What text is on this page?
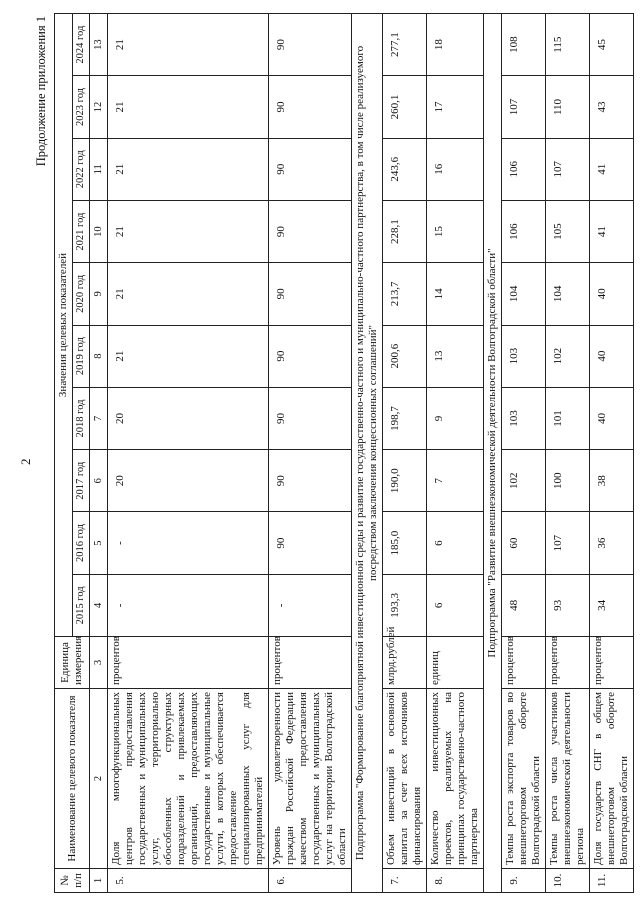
2
Продолжение приложения 1
№ п/п	Наименование целевого показателя	Единица измерения	Значения целевых показателей									
			2015 год	2016 год	2017 год	2018 год	2019 год	2020 год	2021 год	2022 год	2023 год	2024 год
1	2	3	4	5	6	7	8	9	10	11	12	13
5.	Доля многофункциональных центров предоставления государственных и муниципальных услуг, территориально обособленных структурных подразделений и привлекаемых организаций, предоставляющих государственные и муниципальные услуги, в которых обеспечивается предоставление специализированных услуг для предпринимателей	процентов	-	-	20	20	21	21	21	21	21	21
6.	Уровень удовлетворенности граждан Российской Федерации качеством предоставления государственных и муниципальных услуг на территории Волгоградской области	процентов	-	90	90	90	90	90	90	90	90	90
Подпрограмма "Формирование благоприятной инвестиционной среды и развитие государственно-частного и муниципально-частного партнерства, в том числе реализуемого посредством заключения концессионных соглашений"												
7.	Объем инвестиций в основной капитал за счет всех источников финансирования	млрд.рублей	193,3	185,0	190,0	198,7	200,6	213,7	228,1	243,6	260,1	277,1
8.	Количество инвестиционных проектов, реализуемых на принципах государственно-частного партнерства	единиц	6	6	7	9	13	14	15	16	17	18
Подпрограмма "Развитие внешнеэкономической деятельности Волгоградской области"												
9.	Темпы роста экспорта товаров во внешнеторговом обороте Волгоградской области	процентов	48	60	102	103	103	104	106	106	107	108
10.	Темпы роста числа участников внешнеэкономической деятельности региона	процентов	93	107	100	101	102	104	105	107	110	115
11.	Доля государств СНГ в общем внешнеторговом обороте Волгоградской области	процентов	34	36	38	40	40	40	41	41	43	45
